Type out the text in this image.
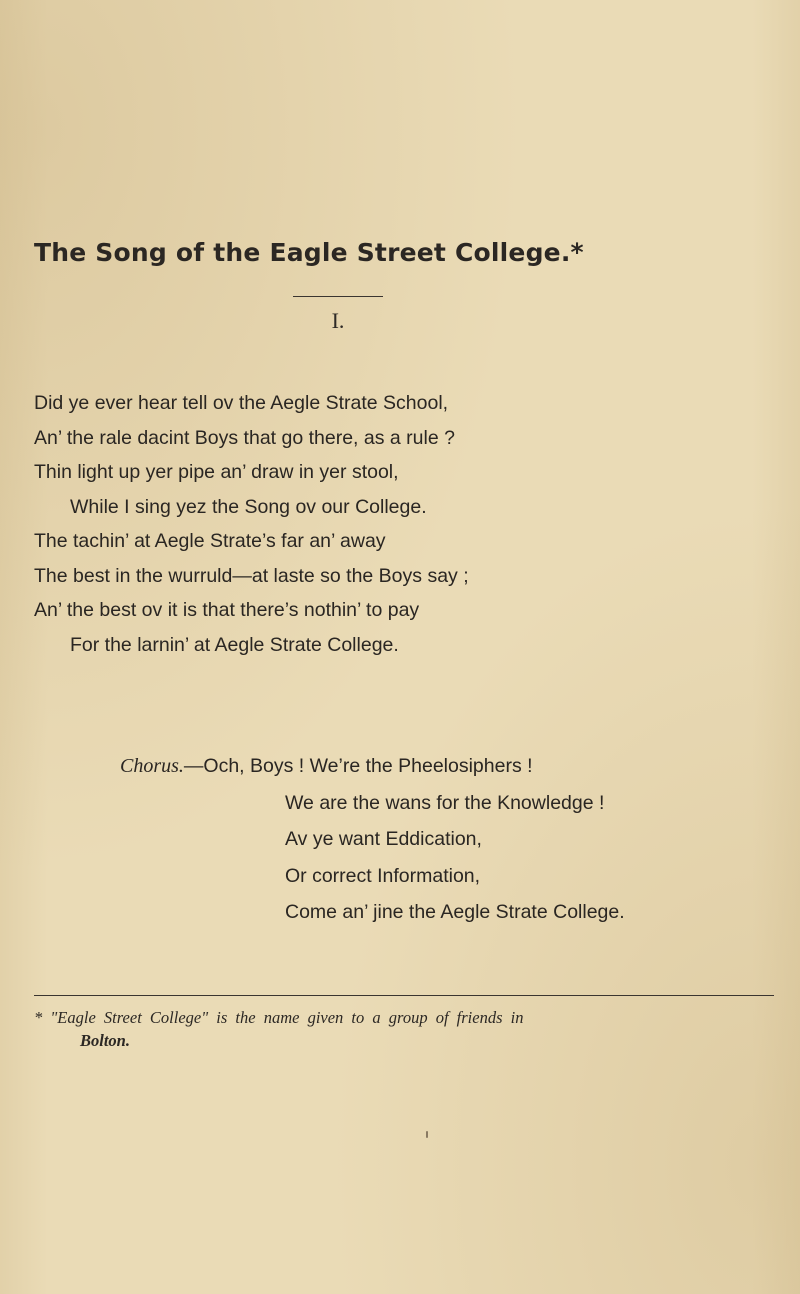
The Song of the Eagle Street College.*
I.
Did ye ever hear tell ov the Aegle Strate School,
An’ the rale dacint Boys that go there, as a rule ?
Thin light up yer pipe an’ draw in yer stool,
While I sing yez the Song ov our College.
The tachin’ at Aegle Strate’s far an’ away
The best in the wurruld—at laste so the Boys say ;
An’ the best ov it is that there’s nothin’ to pay
For the larnin’ at Aegle Strate College.
Chorus.—Och, Boys ! We’re the Pheelosiphers !
We are the wans for the Knowledge !
Av ye want Eddication,
Or correct Information,
Come an’ jine the Aegle Strate College.

* "Eagle Street College" is the name given to a group of friends in
Bolton.
